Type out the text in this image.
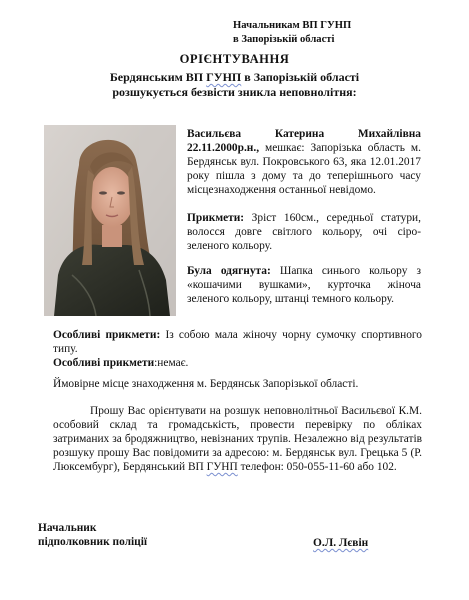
Начальникам ВП ГУНП
в Запорізькій області
ОРІЄНТУВАННЯ
Бердянським ВП ГУНП в Запорізькій області
розшукується безвісти зникла неповнолітня:
Васильєва Катерина Михайлівна 22.11.2000р.н., мешкає: Запорізька область м. Бердянськ вул. Покровського 63, яка 12.01.2017 року пішла з дому та до теперішнього часу місцезнаходження останньої невідомо.
Прикмети: Зріст 160см., середньої статури, волосся довге світлого кольору, очі сіро-зеленого кольору.
Була одягнута: Шапка синього кольору з «кошачими вушками», курточка жіноча зеленого кольору, штанці темного кольору.
Особливі прикмети: Із собою мала жіночу чорну сумочку спортивного типу.
Особливі прикмети:немає.
Ймовірне місце знаходження м. Бердянськ Запорізької області.
Прошу Вас орієнтувати на розшук неповнолітньої Васильєвої К.М. особовий склад та громадськість, провести перевірку по обліках затриманих за бродяжництво, невізнаних трупів. Незалежно від результатів розшуку прошу Вас повідомити за адресою: м. Бердянськ вул. Грецька 5 (Р. Люксембург), Бердянський ВП ГУНП телефон: 050-055-11-60 або 102.
Начальник
підполковник поліції	О.Л. Лєвін
